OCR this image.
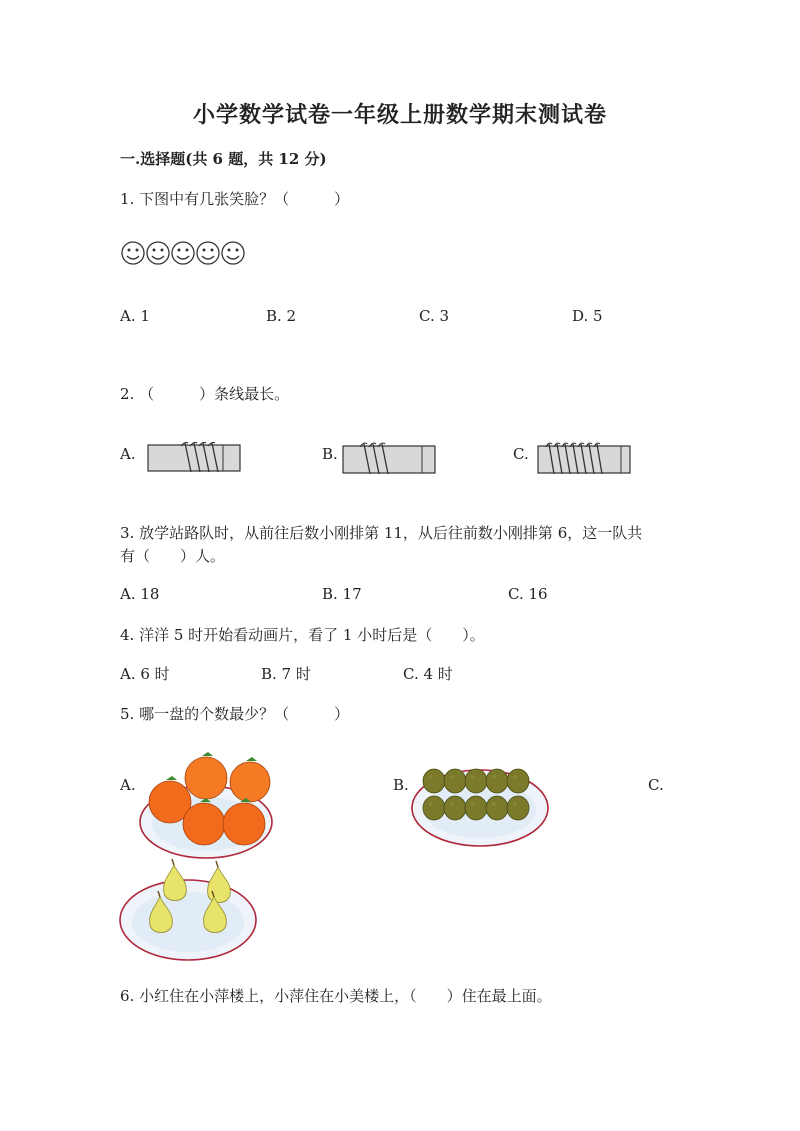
小学数学试卷一年级上册数学期末测试卷
一.选择题(共 6 题，共 12 分)
1. 下图中有几张笑脸？（　　　）
A. 1	B. 2	C. 3	D. 5
2. （　　　）条线最长。
A.	B.	C.
3. 放学站路队时，从前往后数小刚排第 11，从后往前数小刚排第 6，这一队共
有（　　）人。
A. 18	B. 17	C. 16
4. 洋洋 5 时开始看动画片，看了 1 小时后是（　　）。
A. 6 时	B. 7 时	C. 4 时
5. 哪一盘的个数最少？（　　　）
A.	B.	C.
6. 小红住在小萍楼上，小萍住在小美楼上，（　　）住在最上面。
